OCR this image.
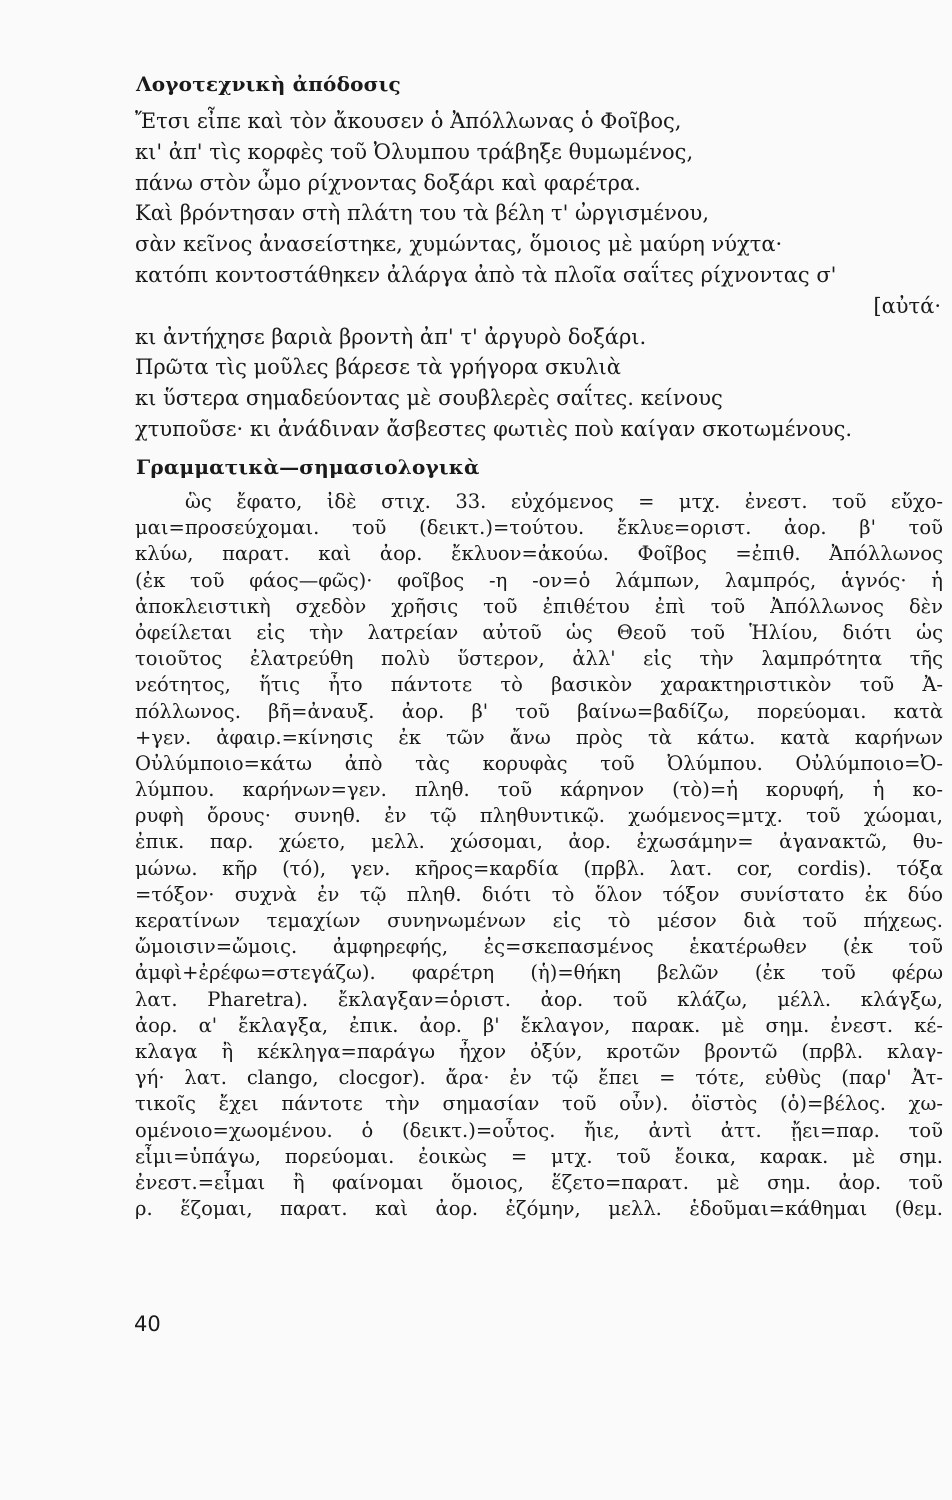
Λογοτεχνικὴ ἀπόδοσις
Ἔτσι εἶπε καὶ τὸν ἄκουσεν ὁ Ἀπόλλωνας ὁ Φοῖβος,
κι' ἀπ' τὶς κορφὲς τοῦ Ὀλυμπου τράβηξε θυμωμένος,
πάνω στὸν ὦμο ρίχνοντας δοξάρι καὶ φαρέτρα.
Καὶ βρόντησαν στὴ πλάτη του τὰ βέλη τ' ὠργισμένου,
σὰν κεῖνος ἀνασείστηκε, χυμώντας, ὅμοιος μὲ μαύρη νύχτα·
κατόπι κοντοστάθηκεν ἀλάργα ἀπὸ τὰ πλοῖα σαΐτες ρίχνοντας σ'
[αὐτά·
κι ἀντήχησε βαριὰ βροντὴ ἀπ' τ' ἀργυρὸ δοξάρι.
Πρῶτα τὶς μοῦλες βάρεσε τὰ γρήγορα σκυλιὰ
κι ὕστερα σημαδεύοντας μὲ σουβλερὲς σαΐτες. κείνους
χτυποῦσε· κι ἀνάδιναν ἄσβεστες φωτιὲς ποὺ καίγαν σκοτωμένους.
Γραμματικὰ—σημασιολογικὰ
ὣς ἔφατο, ἰδὲ στιχ. 33. εὐχόμενος = μτχ. ἐνεστ. τοῦ εὔχο-
μαι=προσεύχομαι. τοῦ (δεικτ.)=τούτου. ἔκλυε=οριστ. ἀορ. β' τοῦ
κλύω, παρατ. καὶ ἀορ. ἔκλυον=ἀκούω. Φοῖβος =ἐπιθ. Ἀπόλλωνος
(ἐκ τοῦ φάος—φῶς)· φοῖβος -η -ον=ὁ λάμπων, λαμπρός, ἁγνός· ἡ
ἀποκλειστικὴ σχεδὸν χρῆσις τοῦ ἐπιθέτου ἐπὶ τοῦ Ἀπόλλωνος δὲν
ὀφείλεται εἰς τὴν λατρείαν αὐτοῦ ὡς Θεοῦ τοῦ Ἡλίου, διότι ὡς
τοιοῦτος ἐλατρεύθη πολὺ ὕστερον, ἀλλ' εἰς τὴν λαμπρότητα τῆς
νεότητος, ἥτις ἦτο πάντοτε τὸ βασικὸν χαρακτηριστικὸν τοῦ Ἀ-
πόλλωνος. βῆ=ἀναυξ. ἀορ. β' τοῦ βαίνω=βαδίζω, πορεύομαι. κατὰ
+γεν. ἀφαιρ.=κίνησις ἐκ τῶν ἄνω πρὸς τὰ κάτω. κατὰ καρήνων
Οὐλύμποιο=κάτω ἀπὸ τὰς κορυφὰς τοῦ Ὀλύμπου. Οὐλύμποιο=Ὀ-
λύμπου. καρήνων=γεν. πληθ. τοῦ κάρηνον (τὸ)=ἡ κορυφή, ἡ κο-
ρυφὴ ὄρους· συνηθ. ἐν τῷ πληθυντικῷ. χωόμενος=μτχ. τοῦ χώομαι,
ἐπικ. παρ. χώετο, μελλ. χώσομαι, ἀορ. ἐχωσάμην= ἀγανακτῶ, θυ-
μώνω. κῆρ (τό), γεν. κῆρος=καρδία (πρβλ. λατ. cor, cordis). τόξα
=τόξον· συχνὰ ἐν τῷ πληθ. διότι τὸ ὅλον τόξον συνίστατο ἐκ δύο
κερατίνων τεμαχίων συνηνωμένων εἰς τὸ μέσον διὰ τοῦ πήχεως.
ὤμοισιν=ὤμοις. ἀμφηρεφής, ἐς=σκεπασμένος ἑκατέρωθεν (ἐκ τοῦ
ἀμφὶ+ἐρέφω=στεγάζω). φαρέτρη (ἡ)=θήκη βελῶν (ἐκ τοῦ φέρω
λατ. Pharetra). ἔκλαγξαν=ὁριστ. ἀορ. τοῦ κλάζω, μέλλ. κλάγξω,
ἀορ. α' ἔκλαγξα, ἐπικ. ἀορ. β' ἔκλαγον, παρακ. μὲ σημ. ἐνεστ. κέ-
κλαγα ἢ κέκληγα=παράγω ἦχον ὀξύν, κροτῶν βροντῶ (πρβλ. κλαγ-
γή· λατ. clango, clocgor). ἄρα· ἐν τῷ ἔπει = τότε, εὐθὺς (παρ' Ἀτ-
τικοῖς ἔχει πάντοτε τὴν σημασίαν τοῦ οὖν). ὀϊστὸς (ὁ)=βέλος. χω-
ομένοιο=χωομένου. ὁ (δεικτ.)=οὗτος. ἤιε, ἀντὶ ἀττ. ᾔει=παρ. τοῦ
εἶμι=ὑπάγω, πορεύομαι. ἐοικὼς = μτχ. τοῦ ἔοικα, καρακ. μὲ σημ.
ἐνεστ.=εἶμαι ἢ φαίνομαι ὅμοιος, ἕζετο=παρατ. μὲ σημ. ἀορ. τοῦ
ρ. ἕζομαι, παρατ. καὶ ἀορ. ἑζόμην, μελλ. ἑδοῦμαι=κάθημαι (θεμ.
40
